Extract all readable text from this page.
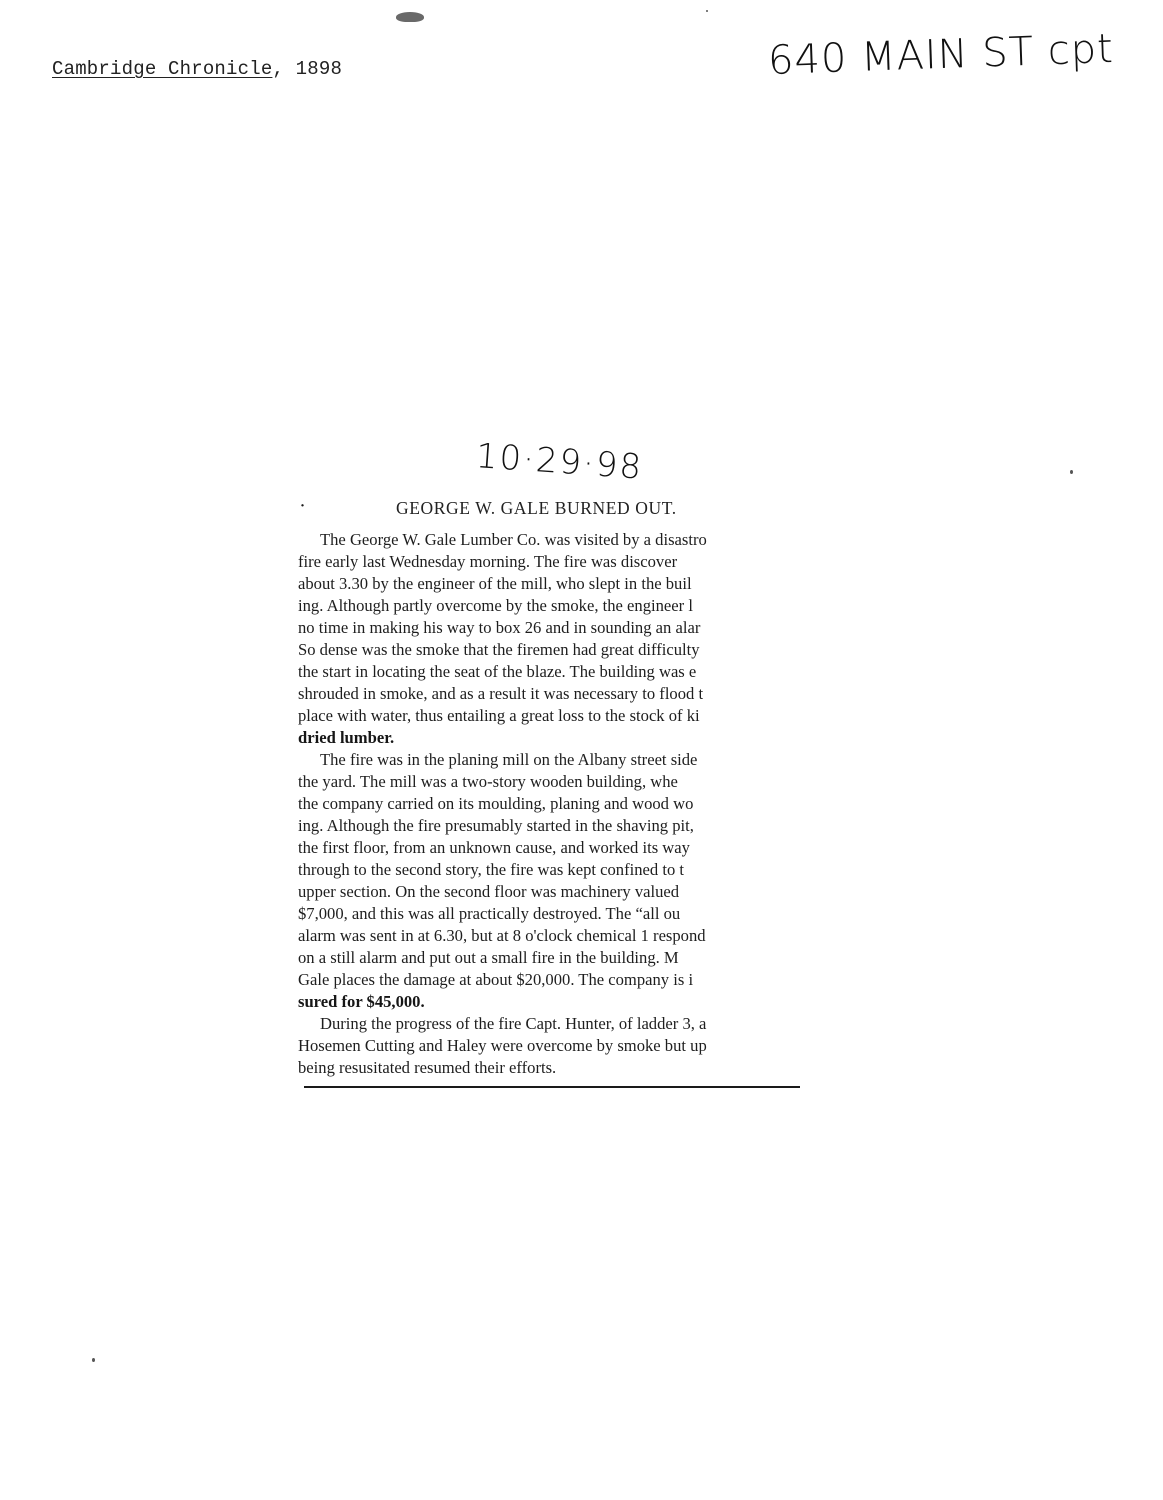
Cambridge Chronicle, 1898	640 MAIN ST cpt
10·29·98
·	GEORGE W. GALE BURNED OUT.
The George W. Gale Lumber Co. was visited by a disastro
fire early last Wednesday morning. The fire was discover
about 3.30 by the engineer of the mill, who slept in the buil
ing. Although partly overcome by the smoke, the engineer l
no time in making his way to box 26 and in sounding an alar
So dense was the smoke that the firemen had great difficulty
the start in locating the seat of the blaze. The building was e
shrouded in smoke, and as a result it was necessary to flood t
place with water, thus entailing a great loss to the stock of ki
dried lumber.
The fire was in the planing mill on the Albany street side
the yard. The mill was a two-story wooden building, whe
the company carried on its moulding, planing and wood wo
ing. Although the fire presumably started in the shaving pit,
the first floor, from an unknown cause, and worked its way
through to the second story, the fire was kept confined to t
upper section. On the second floor was machinery valued
$7,000, and this was all practically destroyed. The “all ou
alarm was sent in at 6.30, but at 8 o'clock chemical 1 respond
on a still alarm and put out a small fire in the building. M
Gale places the damage at about $20,000. The company is i
sured for $45,000.
During the progress of the fire Capt. Hunter, of ladder 3, a
Hosemen Cutting and Haley were overcome by smoke but up
being resusitated resumed their efforts.
